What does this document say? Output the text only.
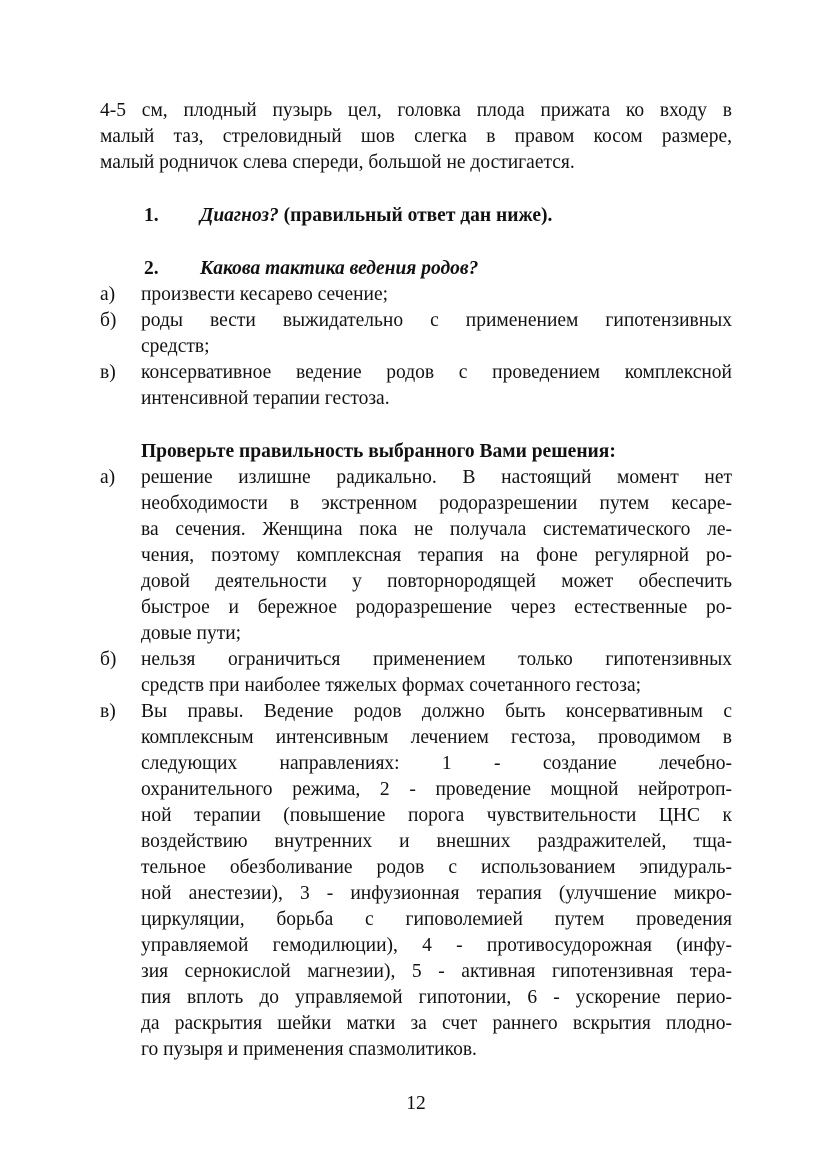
4-5 см, плодный пузырь цел, головка плода прижата ко входу в
малый таз, стреловидный шов слегка в правом косом размере,
малый родничок слева спереди, большой не достигается.

1.	Диагноз? (правильный ответ дан ниже).
2.	Какова тактика ведения родов?
а)	произвести кесарево сечение;
б)	роды вести выжидательно с применением гипотензивных
средств;
в)	консервативное ведение родов с проведением комплексной
интенсивной терапии гестоза.

Проверьте правильность выбранного Вами решения:

а)	решение излишне радикально. В настоящий момент нет
необходимости в экстренном родоразрешении путем кесаре-
ва сечения. Женщина пока не получала систематического ле-
чения, поэтому комплексная терапия на фоне регулярной ро-
довой деятельности у повторнородящей может обеспечить
быстрое и бережное родоразрешение через естественные ро-
довые пути;
б)	нельзя ограничиться применением только гипотензивных
средств при наиболее тяжелых формах сочетанного гестоза;
в)	Вы правы. Ведение родов должно быть консервативным с
комплексным интенсивным лечением гестоза, проводимом в
следующих направлениях: 1 - создание лечебно-
охранительного режима, 2 - проведение мощной нейротроп-
ной терапии (повышение порога чувствительности ЦНС к
воздействию внутренних и внешних раздражителей, тща-
тельное обезболивание родов с использованием эпидураль-
ной анестезии), 3 - инфузионная терапия (улучшение микро-
циркуляции, борьба с гиповолемией путем проведения
управляемой гемодилюции), 4 - противосудорожная (инфу-
зия сернокислой магнезии), 5 - активная гипотензивная тера-
пия вплоть до управляемой гипотонии, 6 - ускорение перио-
да раскрытия шейки матки за счет раннего вскрытия плодно-
го пузыря и применения спазмолитиков.
12
